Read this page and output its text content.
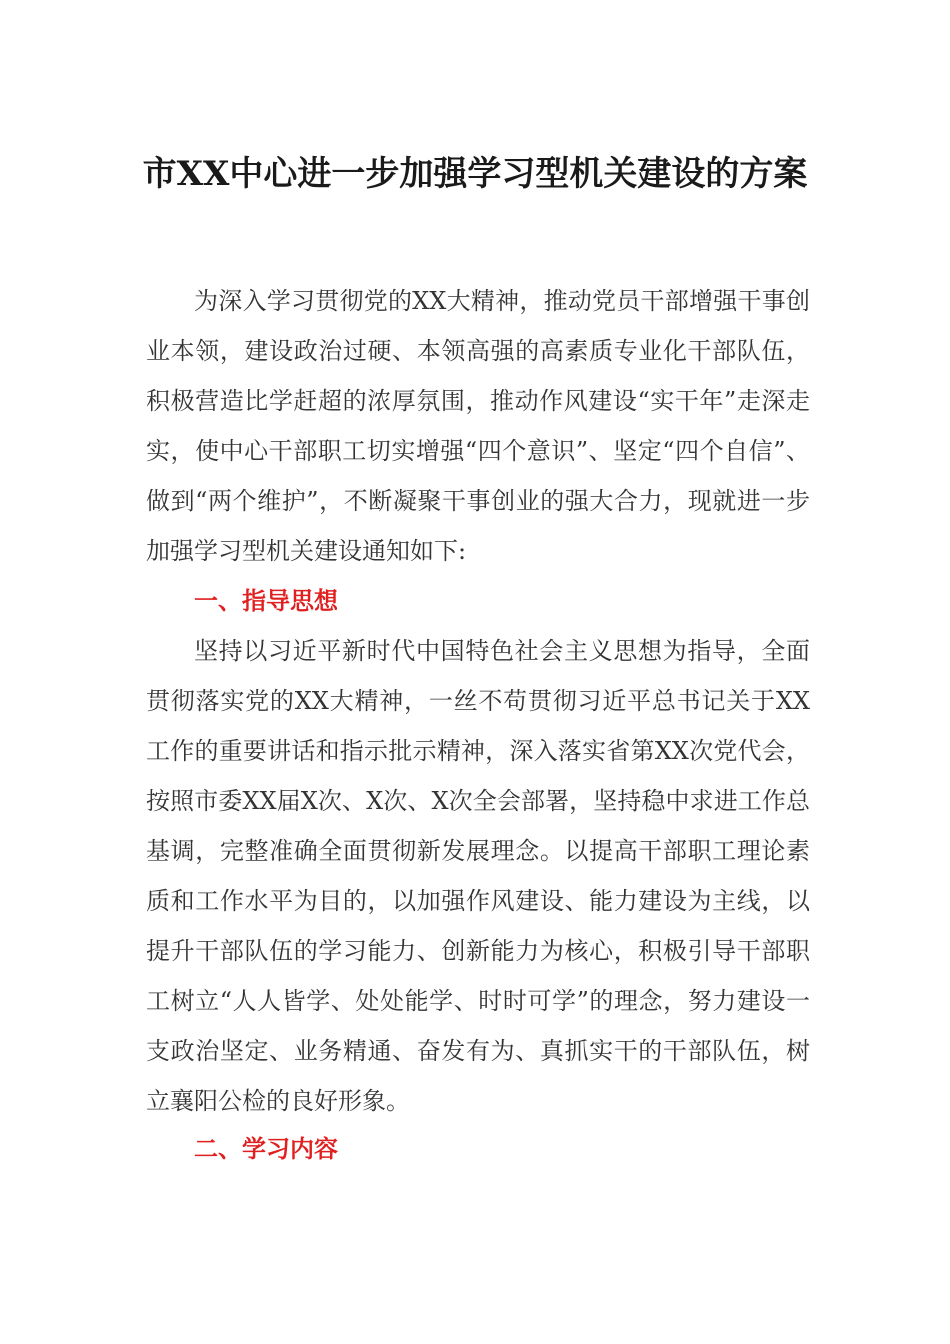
市XX中心进一步加强学习型机关建设的方案

为深入学习贯彻党的XX大精神，推动党员干部增强干事创业本领，建设政治过硬、本领高强的高素质专业化干部队伍，积极营造比学赶超的浓厚氛围，推动作风建设“实干年”走深走实，使中心干部职工切实增强“四个意识”、坚定“四个自信”、做到“两个维护”，不断凝聚干事创业的强大合力，现就进一步加强学习型机关建设通知如下:

一、指导思想

坚持以习近平新时代中国特色社会主义思想为指导，全面贯彻落实党的XX大精神，一丝不苟贯彻习近平总书记关于XX工作的重要讲话和指示批示精神，深入落实省第XX次党代会，按照市委XX届X次、X次、X次全会部署，坚持稳中求进工作总基调，完整准确全面贯彻新发展理念。以提高干部职工理论素质和工作水平为目的，以加强作风建设、能力建设为主线，以提升干部队伍的学习能力、创新能力为核心，积极引导干部职工树立“人人皆学、处处能学、时时可学”的理念，努力建设一支政治坚定、业务精通、奋发有为、真抓实干的干部队伍，树立襄阳公检的良好形象。

二、学习内容
